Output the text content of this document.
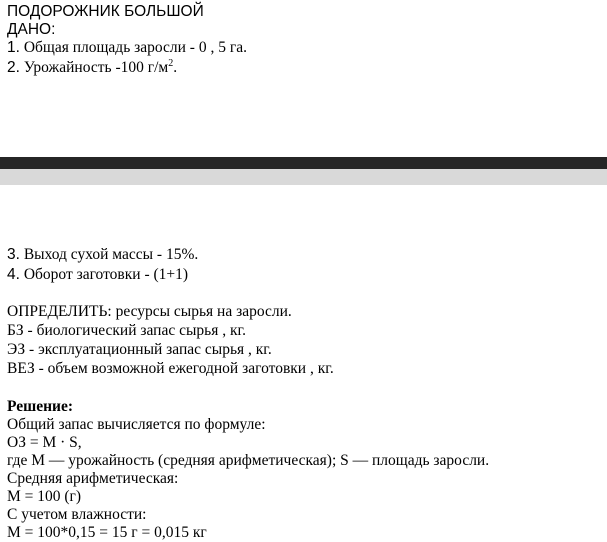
ПОДОРОЖНИК БОЛЬШОЙ
ДАНО:
1. Общая площадь заросли - 0 , 5 га.
2. Урожайность -100 $г/м^2$.
3. Выход сухой массы - 15%.
4. Оборот заготовки - (1+1)
ОПРЕДЕЛИТЬ: ресурсы сырья на заросли.
БЗ - биологический запас сырья , кг.
ЭЗ - эксплуатационный запас сырья , кг.
ВЕЗ - объем возможной ежегодной заготовки , кг.
Решение:
Общий запас вычисляется по формуле:
ОЗ = М · S,
где М — урожайность (средняя арифметическая); S — площадь заросли.
Средняя арифметическая:
М = 100 (г)
С учетом влажности:
М = 100*0,15 = 15 г = 0,015 кг
